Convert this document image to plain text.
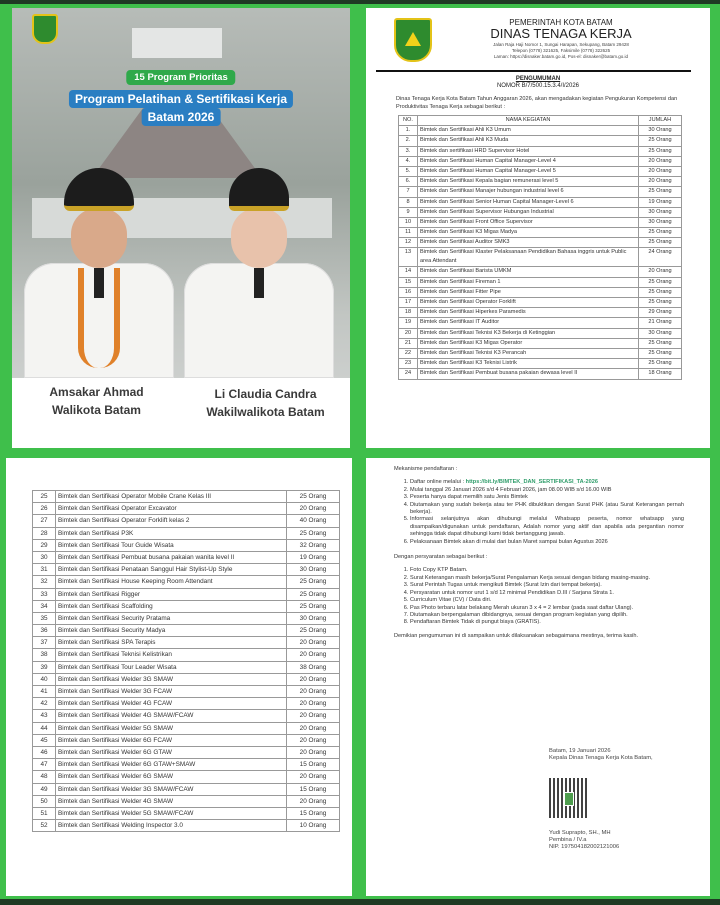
15 Program Prioritas
Program Pelatihan & Sertifikasi Kerja
Batam 2026
Amsakar Ahmad
Walikota Batam
Li Claudia Candra
Wakilwalikota Batam
PEMERINTAH KOTA BATAM
DINAS TENAGA KERJA
Jalan Raja Haji Nomor 1, Sungai Harapan, Sekupang, Batam 29428
Telepon (0778) 321625, Faksimile (0778) 322625
Laman: https://disnaker.batam.go.id, Pos-el: disnaker@batam.go.id
PENGUMUMAN
NOMOR B/7/500.15.3.4/I/2026
Dinas Tenaga Kerja Kota Batam Tahun Anggaran 2026, akan mengadakan kegiatan Pengukuran Kompetensi dan Produktivitas Tenaga Kerja sebagai berikut :
NO.	NAMA KEGIATAN	JUMLAH
1.	Bimtek dan Sertifikasi Ahli K3 Umum	30 Orang
2.	Bimtek dan Sertifikasi Ahli K3 Muda	25 Orang
3.	Bimtek dan sertifikasi HRD Supervisor Hotel	25 Orang
4.	Bimtek dan Sertifikasi Human Capital Manager-Level 4	20 Orang
5.	Bimtek dan Sertifikasi Human Capital Manager-Level 5	20 Orang
6.	Bimtek dan Sertifikasi Kepala bagian remunerasi level 5	20 Orang
7	Bimtek dan Sertifikasi Manajer hubungan industrial level 6	25 Orang
8	Bimtek dan Sertifikasi Senior Human Capital Manager-Level 6	19 Orang
9	Bimtek dan Sertifikasi Supervisor Hubungan Industrial	30 Orang
10	Bimtek dan Sertifikasi Front Office Supervisor	30 Orang
11	Bimtek dan Sertifikasi K3 Migas Madya	25 Orang
12	Bimtek dan Sertifikasi Auditor SMK3	25 Orang
13	Bimtek dan Sertifikasi Klaster Pelaksanaan Pendidikan Bahasa inggris untuk Public area Attendant	24 Orang
14	Bimtek dan Sertifikasi Barista UMKM	20 Orang
15	Bimtek dan Sertifikasi Fireman 1	25 Orang
16	Bimtek dan Sertifikasi Fitter Pipe	25 Orang
17	Bimtek dan Sertifikasi Operator Forklift	25 Orang
18	Bimtek dan Sertifikasi Hiperkes Paramedis	29 Orang
19	Bimtek dan Sertifikasi IT Auditor	21 Orang
20	Bimtek dan Sertifikasi Teknisi K3 Bekerja di Ketinggian	30 Orang
21	Bimtek dan Sertifikasi K3 Migas Operator	25 Orang
22	Bimtek dan Sertifikasi Teknisi K3 Perancah	25 Orang
23	Bimtek dan Sertifikasi K3 Teknisi Listrik	25 Orang
24	Bimtek dan Sertifikasi Pembuat busana pakaian dewasa level II	18 Orang
25	Bimtek dan Sertifikasi Operator Mobile Crane Kelas III	25 Orang
26	Bimtek dan Sertifikasi Operator Excavator	20 Orang
27	Bimtek dan Sertifikasi Operator Forklift kelas 2	40 Orang
28	Bimtek dan Sertifikasi P3K	25 Orang
29	Bimtek dan Sertifikasi Tour Guide Wisata	32 Orang
30	Bimtek dan Sertifikasi Pembuat busana pakaian wanita level II	19 Orang
31	Bimtek dan Sertifikasi Penataan Sanggul Hair Stylist-Up Style	30 Orang
32	Bimtek dan Sertifikasi House Keeping Room Attendant	25 Orang
33	Bimtek dan Sertifikasi Rigger	25 Orang
34	Bimtek dan Sertifikasi Scaffolding	25 Orang
35	Bimtek dan Sertifikasi Security Pratama	30 Orang
36	Bimtek dan Sertifikasi Security Madya	25 Orang
37	Bimtek dan Sertifikasi SPA Terapis	20 Orang
38	Bimtek dan Sertifikasi Teknisi Kelistrikan	20 Orang
39	Bimtek dan Sertifikasi Tour Leader Wisata	38 Orang
40	Bimtek dan Sertifikasi Welder 3G SMAW	20 Orang
41	Bimtek dan Sertifikasi Welder 3G FCAW	20 Orang
42	Bimtek dan Sertifikasi Welder 4G FCAW	20 Orang
43	Bimtek dan Sertifikasi Welder 4G SMAW/FCAW	20 Orang
44	Bimtek dan Sertifikasi Welder 5G SMAW	20 Orang
45	Bimtek dan Sertifikasi Welder 6G FCAW	20 Orang
46	Bimtek dan Sertifikasi Welder 6G GTAW	20 Orang
47	Bimtek dan Sertifikasi Welder 6G GTAW+SMAW	15 Orang
48	Bimtek dan Sertifikasi Welder 6G SMAW	20 Orang
49	Bimtek dan Sertifikasi Welder 3G SMAW/FCAW	15 Orang
50	Bimtek dan Sertifikasi Welder 4G SMAW	20 Orang
51	Bimtek dan Sertifikasi Welder 5G SMAW/FCAW	15 Orang
52	Bimtek dan Sertifikasi Welding Inspector 3.0	10 Orang
Mekanisme pendaftaran :
1. Daftar online melalui : https://bit.ly/BIMTEK_DAN_SERTIFIKASI_TA-2026
2. Mulai tanggal 26 Januari 2026 s/d 4 Februari 2026, jam 08.00 WIB s/d 16.00 WIB
3. Peserta hanya dapat memilih satu Jenis Bimtek
4. Diutamakan yang sudah bekerja atau ter PHK dibuktikan dengan Surat PHK (atau Surat Keterangan pernah bekerja).
5. Informasi selanjutnya akan dihubungi melalui Whatsapp peserta, nomor whatsapp yang disampaikan/digunakan untuk pendaftaran, Adalah nomor yang aktif dan apabila ada pergantian nomor sehingga tidak dapat dihubungi kami tidak bertanggung jawab.
6. Pelaksanaan Bimtek akan di mulai dari bulan Maret sampai bulan Agustus 2026
Dengan persyaratan sebagai berikut :
1. Foto Copy KTP Batam.
2. Surat Keterangan masih bekerja/Surat Pengalaman Kerja sesuai dengan bidang masing-masing.
3. Surat Perintah Tugas untuk mengikuti Bimtek (Surat Izin dari tempat bekerja).
4. Persyaratan untuk nomor urut 1 s/d 12 minimal Pendidikan D.III / Sarjana Strata 1.
5. Curriculum Vitae (CV) / Data diri.
6. Pas Photo terbaru latar belakang Merah ukuran 3 x 4 = 2 lembar (pada saat daftar Ulang).
7. Diutamakan berpengalaman dibidangnya, sesuai dengan program kegiatan yang dipilih.
8. Pendaftaran Bimtek Tidak di pungut biaya (GRATIS).
Demikian pengumuman ini di sampaikan untuk dilaksanakan sebagaimana mestinya, terima kasih.
Batam, 19 Januari 2026
Kepala Dinas Tenaga Kerja Kota Batam,
Yudi Suprapto, SH., MH
Pembina / IV.a
NIP. 197504182002121006
